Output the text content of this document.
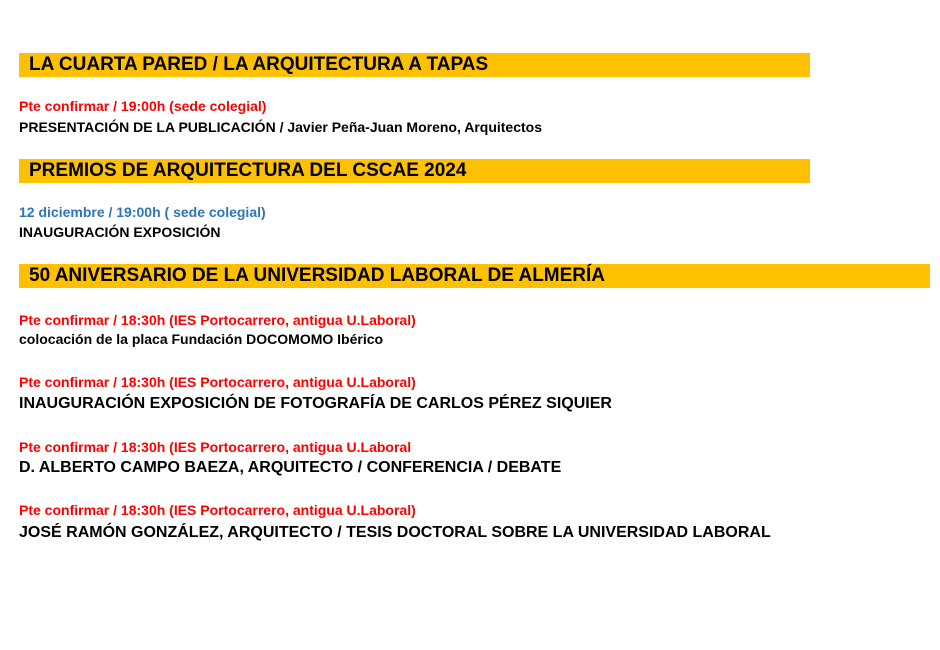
LA CUARTA PARED / LA ARQUITECTURA A TAPAS
Pte confirmar / 19:00h (sede colegial)
PRESENTACIÓN DE LA PUBLICACIÓN / Javier Peña-Juan Moreno, Arquitectos
PREMIOS DE ARQUITECTURA DEL CSCAE 2024
12 diciembre / 19:00h ( sede colegial)
INAUGURACIÓN EXPOSICIÓN
50 ANIVERSARIO DE LA UNIVERSIDAD LABORAL DE ALMERÍA
Pte confirmar / 18:30h (IES Portocarrero, antigua U.Laboral)
colocación de la placa Fundación DOCOMOMO Ibérico
Pte confirmar / 18:30h (IES Portocarrero, antigua U.Laboral)
INAUGURACIÓN EXPOSICIÓN DE FOTOGRAFÍA DE CARLOS PÉREZ SIQUIER
Pte confirmar / 18:30h (IES Portocarrero, antigua U.Laboral
D. ALBERTO CAMPO BAEZA, ARQUITECTO / CONFERENCIA / DEBATE
Pte confirmar / 18:30h (IES Portocarrero, antigua U.Laboral)
JOSÉ RAMÓN GONZÁLEZ, ARQUITECTO / TESIS DOCTORAL SOBRE LA UNIVERSIDAD LABORAL
